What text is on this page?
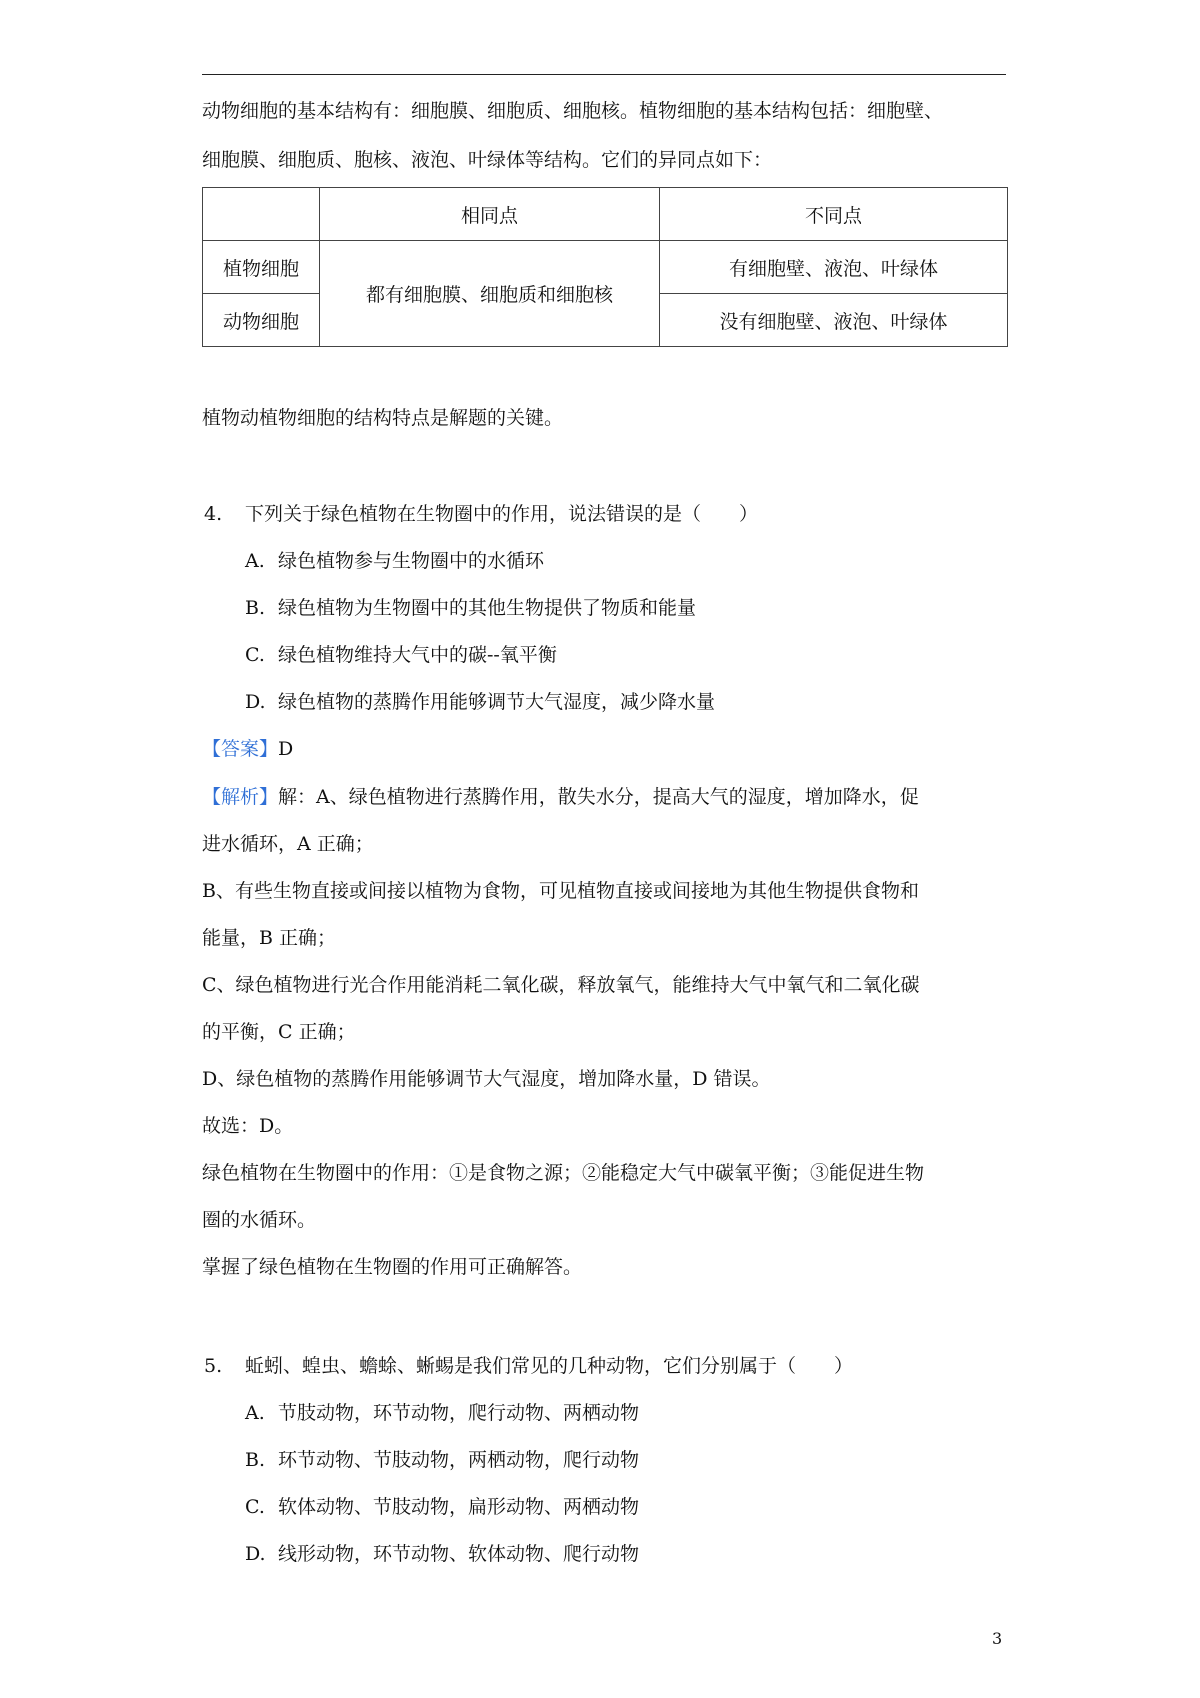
动物细胞的基本结构有：细胞膜、细胞质、细胞核。植物细胞的基本结构包括：细胞壁、
细胞膜、细胞质、胞核、液泡、叶绿体等结构。它们的异同点如下：
	相同点	不同点
植物细胞	都有细胞膜、细胞质和细胞核	有细胞壁、液泡、叶绿体
动物细胞		没有细胞壁、液泡、叶绿体
植物动植物细胞的结构特点是解题的关键。
4. 下列关于绿色植物在生物圈中的作用，说法错误的是（　　）
A. 绿色植物参与生物圈中的水循环
B. 绿色植物为生物圈中的其他生物提供了物质和能量
C. 绿色植物维持大气中的碳--氧平衡
D. 绿色植物的蒸腾作用能够调节大气湿度，减少降水量
【答案】D
【解析】解：A、绿色植物进行蒸腾作用，散失水分，提高大气的湿度，增加降水，促
进水循环，A 正确；
B、有些生物直接或间接以植物为食物，可见植物直接或间接地为其他生物提供食物和
能量，B 正确；
C、绿色植物进行光合作用能消耗二氧化碳，释放氧气，能维持大气中氧气和二氧化碳
的平衡，C 正确；
D、绿色植物的蒸腾作用能够调节大气湿度，增加降水量，D 错误。
故选：D。
绿色植物在生物圈中的作用：①是食物之源；②能稳定大气中碳氧平衡；③能促进生物
圈的水循环。
掌握了绿色植物在生物圈的作用可正确解答。
5. 蚯蚓、蝗虫、蟾蜍、蜥蜴是我们常见的几种动物，它们分别属于（　　）
A. 节肢动物，环节动物，爬行动物、两栖动物
B. 环节动物、节肢动物，两栖动物，爬行动物
C. 软体动物、节肢动物，扁形动物、两栖动物
D. 线形动物，环节动物、软体动物、爬行动物
3
